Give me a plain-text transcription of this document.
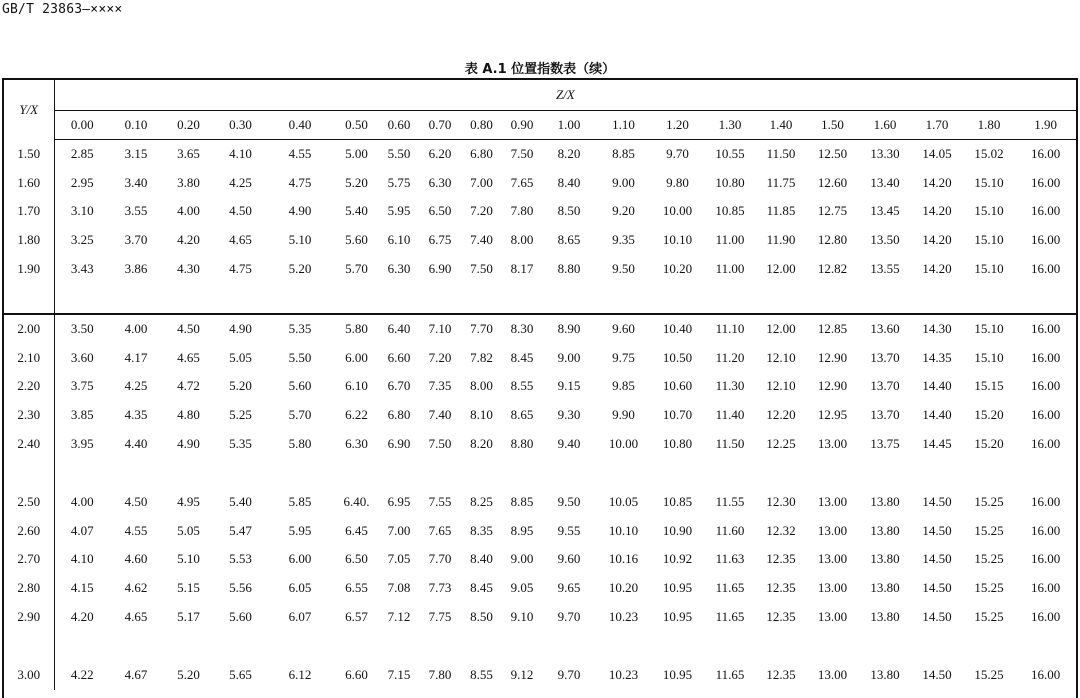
GB/T 23863—××××
表 A.1 位置指数表（续）
Y/X	Z/X																			
	0.00	0.10	0.20	0.30	0.40	0.50	0.60	0.70	0.80	0.90	1.00	1.10	1.20	1.30	1.40	1.50	1.60	1.70	1.80	1.90
1.50	2.85	3.15	3.65	4.10	4.55	5.00	5.50	6.20	6.80	7.50	8.20	8.85	9.70	10.55	11.50	12.50	13.30	14.05	15.02	16.00
1.60	2.95	3.40	3.80	4.25	4.75	5.20	5.75	6.30	7.00	7.65	8.40	9.00	9.80	10.80	11.75	12.60	13.40	14.20	15.10	16.00
1.70	3.10	3.55	4.00	4.50	4.90	5.40	5.95	6.50	7.20	7.80	8.50	9.20	10.00	10.85	11.85	12.75	13.45	14.20	15.10	16.00
1.80	3.25	3.70	4.20	4.65	5.10	5.60	6.10	6.75	7.40	8.00	8.65	9.35	10.10	11.00	11.90	12.80	13.50	14.20	15.10	16.00
1.90	3.43	3.86	4.30	4.75	5.20	5.70	6.30	6.90	7.50	8.17	8.80	9.50	10.20	11.00	12.00	12.82	13.55	14.20	15.10	16.00

2.00	3.50	4.00	4.50	4.90	5.35	5.80	6.40	7.10	7.70	8.30	8.90	9.60	10.40	11.10	12.00	12.85	13.60	14.30	15.10	16.00
2.10	3.60	4.17	4.65	5.05	5.50	6.00	6.60	7.20	7.82	8.45	9.00	9.75	10.50	11.20	12.10	12.90	13.70	14.35	15.10	16.00
2.20	3.75	4.25	4.72	5.20	5.60	6.10	6.70	7.35	8.00	8.55	9.15	9.85	10.60	11.30	12.10	12.90	13.70	14.40	15.15	16.00
2.30	3.85	4.35	4.80	5.25	5.70	6.22	6.80	7.40	8.10	8.65	9.30	9.90	10.70	11.40	12.20	12.95	13.70	14.40	15.20	16.00
2.40	3.95	4.40	4.90	5.35	5.80	6.30	6.90	7.50	8.20	8.80	9.40	10.00	10.80	11.50	12.25	13.00	13.75	14.45	15.20	16.00

2.50	4.00	4.50	4.95	5.40	5.85	6.40.	6.95	7.55	8.25	8.85	9.50	10.05	10.85	11.55	12.30	13.00	13.80	14.50	15.25	16.00
2.60	4.07	4.55	5.05	5.47	5.95	6.45	7.00	7.65	8.35	8.95	9.55	10.10	10.90	11.60	12.32	13.00	13.80	14.50	15.25	16.00
2.70	4.10	4.60	5.10	5.53	6.00	6.50	7.05	7.70	8.40	9.00	9.60	10.16	10.92	11.63	12.35	13.00	13.80	14.50	15.25	16.00
2.80	4.15	4.62	5.15	5.56	6.05	6.55	7.08	7.73	8.45	9.05	9.65	10.20	10.95	11.65	12.35	13.00	13.80	14.50	15.25	16.00
2.90	4.20	4.65	5.17	5.60	6.07	6.57	7.12	7.75	8.50	9.10	9.70	10.23	10.95	11.65	12.35	13.00	13.80	14.50	15.25	16.00

3.00	4.22	4.67	5.20	5.65	6.12	6.60	7.15	7.80	8.55	9.12	9.70	10.23	10.95	11.65	12.35	13.00	13.80	14.50	15.25	16.00
